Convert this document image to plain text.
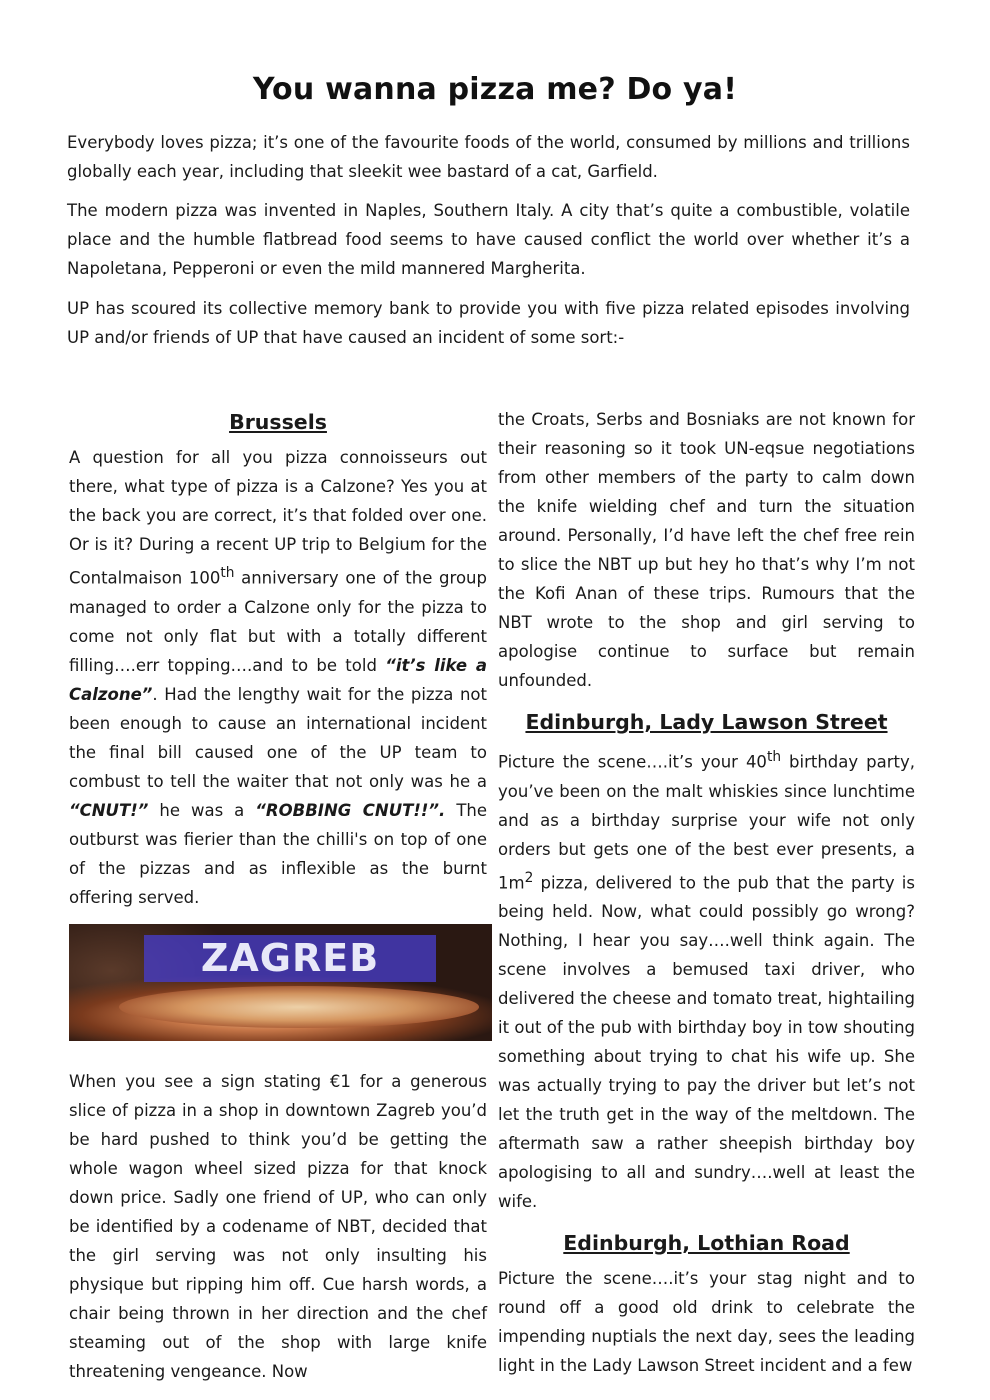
You wanna pizza me? Do ya!

Everybody loves pizza; it’s one of the favourite foods of the world, consumed by millions and trillions globally each year, including that sleekit wee bastard of a cat, Garfield.

The modern pizza was invented in Naples, Southern Italy. A city that’s quite a combustible, volatile place and the humble flatbread food seems to have caused conflict the world over whether it’s a Napoletana, Pepperoni or even the mild mannered Margherita.

UP has scoured its collective memory bank to provide you with five pizza related episodes involving UP and/or friends of UP that have caused an incident of some sort:-

Brussels

A question for all you pizza connoisseurs out there, what type of pizza is a Calzone? Yes you at the back you are correct, it’s that folded over one. Or is it? During a recent UP trip to Belgium for the Contalmaison 100th anniversary one of the group managed to order a Calzone only for the pizza to come not only flat but with a totally different filling….err topping….and to be told “it’s like a Calzone”. Had the lengthy wait for the pizza not been enough to cause an international incident the final bill caused one of the UP team to combust to tell the waiter that not only was he a “CNUT!” he was a “ROBBING CNUT!!”. The outburst was fierier than the chilli's on top of one of the pizzas and as inflexible as the burnt offering served.

ZAGREB

When you see a sign stating €1 for a generous slice of pizza in a shop in downtown Zagreb you’d be hard pushed to think you’d be getting the whole wagon wheel sized pizza for that knock down price. Sadly one friend of UP, who can only be identified by a codename of NBT, decided that the girl serving was not only insulting his physique but ripping him off. Cue harsh words, a chair being thrown in her direction and the chef steaming out of the shop with large knife threatening vengeance. Now

the Croats, Serbs and Bosniaks are not known for their reasoning so it took UN-eqsue negotiations from other members of the party to calm down the knife wielding chef and turn the situation around. Personally, I’d have left the chef free rein to slice the NBT up but hey ho that’s why I’m not the Kofi Anan of these trips. Rumours that the NBT wrote to the shop and girl serving to apologise continue to surface but remain unfounded.

Edinburgh, Lady Lawson Street

Picture the scene….it’s your 40th birthday party, you’ve been on the malt whiskies since lunchtime and as a birthday surprise your wife not only orders but gets one of the best ever presents, a $1m^2$ pizza, delivered to the pub that the party is being held. Now, what could possibly go wrong? Nothing, I hear you say….well think again. The scene involves a bemused taxi driver, who delivered the cheese and tomato treat, hightailing it out of the pub with birthday boy in tow shouting something about trying to chat his wife up. She was actually trying to pay the driver but let’s not let the truth get in the way of the meltdown. The aftermath saw a rather sheepish birthday boy apologising to all and sundry….well at least the wife.

Edinburgh, Lothian Road

Picture the scene….it’s your stag night and to round off a good old drink to celebrate the impending nuptials the next day, sees the leading light in the Lady Lawson Street incident and a few
